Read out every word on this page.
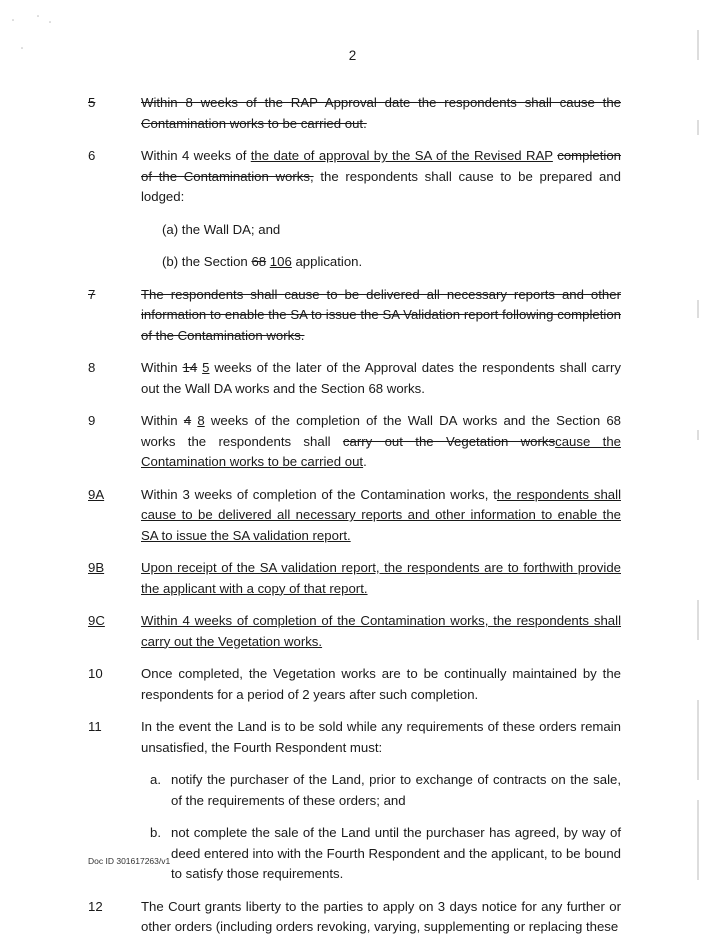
2
5	Within 8 weeks of the RAP Approval date the respondents shall cause the Contamination works to be carried out.
6	Within 4 weeks of the date of approval by the SA of the Revised RAP completion of the Contamination works, the respondents shall cause to be prepared and lodged:
(a) the Wall DA; and
(b) the Section 68 106 application.
7	The respondents shall cause to be delivered all necessary reports and other information to enable the SA to issue the SA Validation report following completion of the Contamination works.
8	Within 14 5 weeks of the later of the Approval dates the respondents shall carry out the Wall DA works and the Section 68 works.
9	Within 4 8 weeks of the completion of the Wall DA works and the Section 68 works the respondents shall carry out the Vegetation workscause the Contamination works to be carried out.
9A	Within 3 weeks of completion of the Contamination works, the respondents shall cause to be delivered all necessary reports and other information to enable the SA to issue the SA validation report.
9B	Upon receipt of the SA validation report, the respondents are to forthwith provide the applicant with a copy of that report.
9C	Within 4 weeks of completion of the Contamination works, the respondents shall carry out the Vegetation works.
10	Once completed, the Vegetation works are to be continually maintained by the respondents for a period of 2 years after such completion.
11	In the event the Land is to be sold while any requirements of these orders remain unsatisfied, the Fourth Respondent must:
a. notify the purchaser of the Land, prior to exchange of contracts on the sale, of the requirements of these orders; and
b. not complete the sale of the Land until the purchaser has agreed, by way of deed entered into with the Fourth Respondent and the applicant, to be bound to satisfy those requirements.
12	The Court grants liberty to the parties to apply on 3 days notice for any further or other orders (including orders revoking, varying, supplementing or replacing these
Doc ID 301617263/v1
